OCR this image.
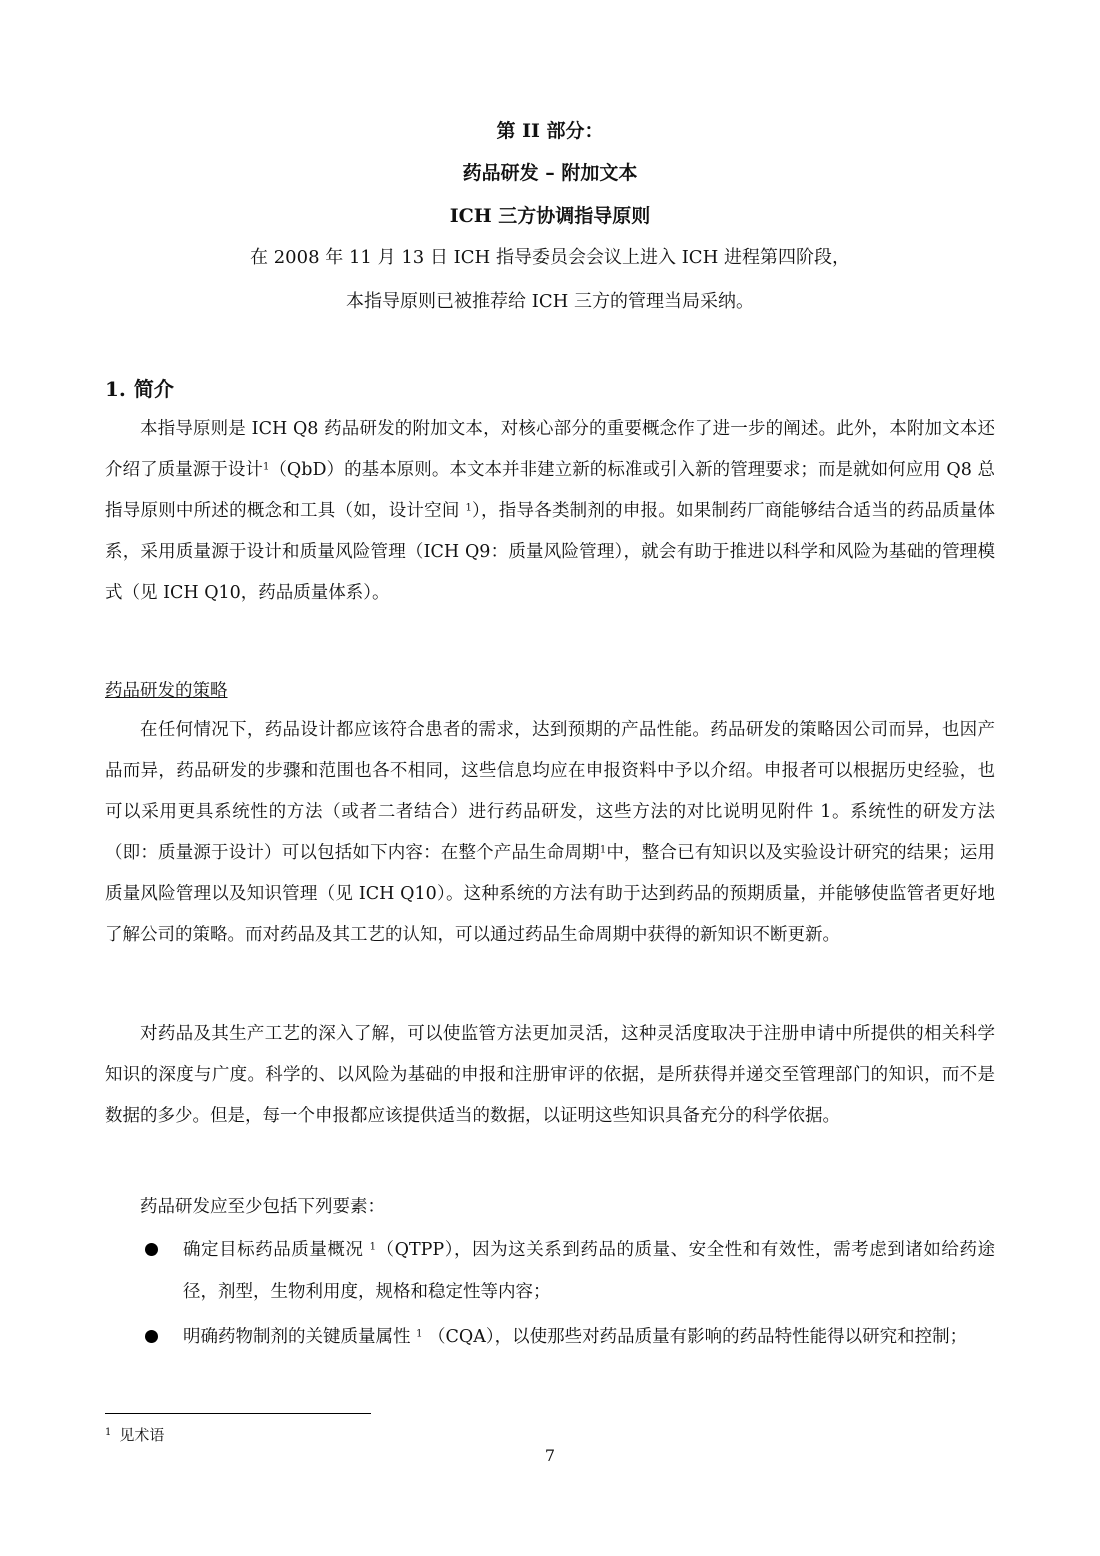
第 II 部分：
药品研发 – 附加文本
ICH 三方协调指导原则
在 2008 年 11 月 13 日 ICH 指导委员会会议上进入 ICH 进程第四阶段，
本指导原则已被推荐给 ICH 三方的管理当局采纳。
1. 简介

本指导原则是 ICH Q8 药品研发的附加文本，对核心部分的重要概念作了进一步的阐述。此外，本附加文本还介绍了质量源于设计$^1$（QbD）的基本原则。本文本并非建立新的标准或引入新的管理要求；而是就如何应用 Q8 总指导原则中所述的概念和工具（如，设计空间 $^1$），指导各类制剂的申报。如果制药厂商能够结合适当的药品质量体系，采用质量源于设计和质量风险管理（ICH Q9：质量风险管理），就会有助于推进以科学和风险为基础的管理模式（见 ICH Q10，药品质量体系）。

药品研发的策略

在任何情况下，药品设计都应该符合患者的需求，达到预期的产品性能。药品研发的策略因公司而异，也因产品而异，药品研发的步骤和范围也各不相同，这些信息均应在申报资料中予以介绍。申报者可以根据历史经验，也可以采用更具系统性的方法（或者二者结合）进行药品研发，这些方法的对比说明见附件 1。系统性的研发方法（即：质量源于设计）可以包括如下内容：在整个产品生命周期$^1$中，整合已有知识以及实验设计研究的结果；运用质量风险管理以及知识管理（见 ICH Q10）。这种系统的方法有助于达到药品的预期质量，并能够使监管者更好地了解公司的策略。而对药品及其工艺的认知，可以通过药品生命周期中获得的新知识不断更新。

对药品及其生产工艺的深入了解，可以使监管方法更加灵活，这种灵活度取决于注册申请中所提供的相关科学知识的深度与广度。科学的、以风险为基础的申报和注册审评的依据，是所获得并递交至管理部门的知识，而不是数据的多少。但是，每一个申报都应该提供适当的数据，以证明这些知识具备充分的科学依据。

药品研发应至少包括下列要素：

确定目标药品质量概况 $^1$（QTPP），因为这关系到药品的质量、安全性和有效性，需考虑到诸如给药途径，剂型，生物利用度，规格和稳定性等内容；

明确药物制剂的关键质量属性 $^1$ （CQA），以使那些对药品质量有影响的药品特性能得以研究和控制；

$^1$ 见术语
7
